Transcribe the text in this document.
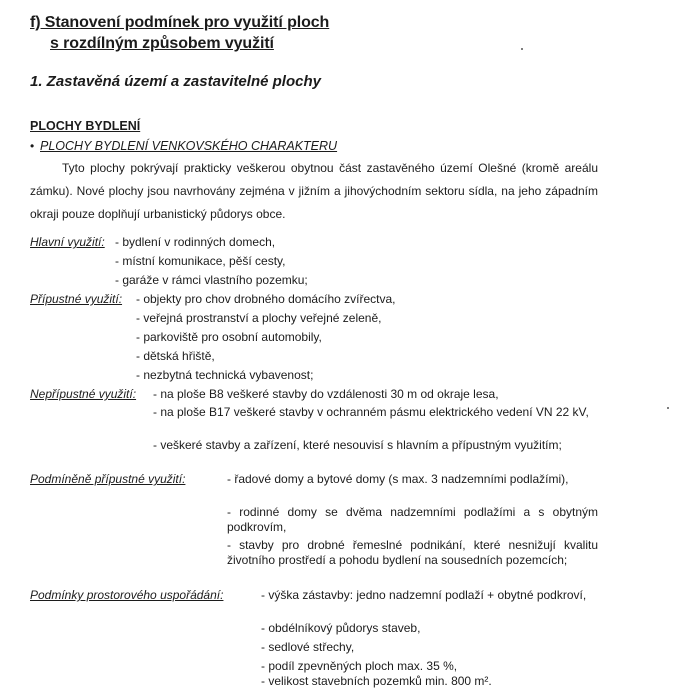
f) Stanovení podmínek pro využití ploch
s rozdílným způsobem využití
1. Zastavěná území a zastavitelné plochy
PLOCHY BYDLENÍ
• PLOCHY BYDLENÍ VENKOVSKÉHO CHARAKTERU
Tyto plochy pokrývají prakticky veškerou obytnou část zastavěného území Olešné (kromě areálu zámku). Nové plochy jsou navrhovány zejména v jižním a jihovýchodním sektoru sídla, na jeho západním okraji pouze doplňují urbanistický půdorys obce.
Hlavní využití: - bydlení v rodinných domech,
- místní komunikace, pěší cesty,
- garáže v rámci vlastního pozemku;
Přípustné využití: - objekty pro chov drobného domácího zvířectva,
- veřejná prostranství a plochy veřejné zeleně,
- parkoviště pro osobní automobily,
- dětská hřiště,
- nezbytná technická vybavenost;
Nepřípustné využití: - na ploše B8 veškeré stavby do vzdálenosti 30 m od okraje lesa,
- na ploše B17 veškeré stavby v ochranném pásmu elektrického vedení VN 22 kV,
- veškeré stavby a zařízení, které nesouvisí s hlavním a přípustným využitím;
Podmíněně přípustné využití:	- řadové domy a bytové domy (s max. 3 nadzemními podlažími),
- rodinné domy se dvěma nadzemními podlažími a s obytným podkrovím,
- stavby pro drobné řemeslné podnikání, které nesnižují kvalitu životního prostředí a pohodu bydlení na sousedních pozemcích;
Podmínky prostorového uspořádání:	- výška zástavby: jedno nadzemní podlaží + obytné podkroví,
- obdélníkový půdorys staveb,
- sedlové střechy,
- podíl zpevněných ploch max. 35 %,
- velikost stavebních pozemků min. 800 m².
